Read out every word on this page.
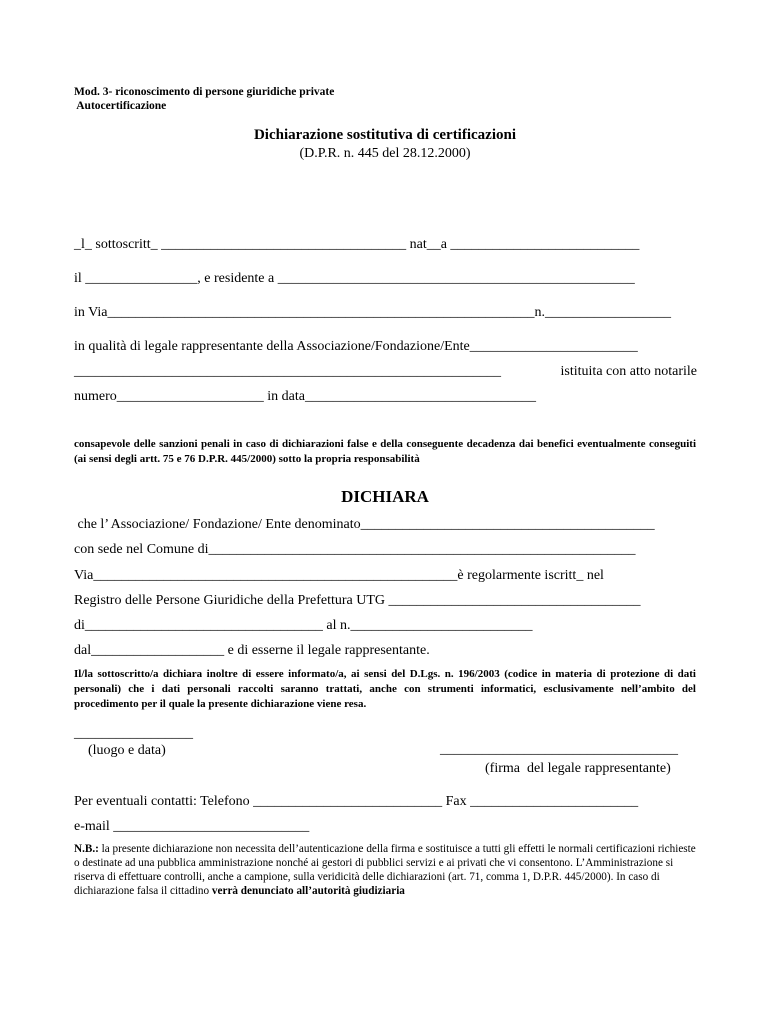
Mod. 3- riconoscimento di persone giuridiche private
Autocertificazione
Dichiarazione sostitutiva di certificazioni
(D.P.R. n. 445 del 28.12.2000)
_l_ sottoscritt_ ___________________________________ nat__a ___________________________
il ________________, e residente a ___________________________________________________
in Via_____________________________________________________________n.__________________
in qualità di legale rappresentante della Associazione/Fondazione/Ente________________________
_____________________________________________________________	istituita con atto notarile
numero_____________________ in data_________________________________
consapevole delle sanzioni penali in caso di dichiarazioni false e della conseguente decadenza dai benefici eventualmente conseguiti (ai sensi degli artt. 75 e 76 D.P.R. 445/2000) sotto la propria responsabilità
DICHIARA
che l’ Associazione/ Fondazione/ Ente denominato__________________________________________
con sede nel Comune di_____________________________________________________________
Via____________________________________________________è regolarmente iscritt_ nel
Registro delle Persone Giuridiche della Prefettura UTG ____________________________________
di__________________________________ al n.__________________________
dal___________________ e di esserne il legale rappresentante.
Il/la sottoscritto/a dichiara inoltre di essere informato/a, ai sensi del D.Lgs. n. 196/2003 (codice in materia di protezione di dati personali) che i dati personali raccolti saranno trattati, anche con strumenti informatici, esclusivamente nell’ambito del procedimento per il quale la presente dichiarazione viene resa.
_________________
(luogo e data)	__________________________________
(firma  del legale rappresentante)
Per eventuali contatti: Telefono ___________________________ Fax ________________________
e-mail ____________________________
N.B.: la presente dichiarazione non necessita dell’autenticazione della firma e sostituisce a tutti gli effetti le normali certificazioni richieste o destinate ad una pubblica amministrazione nonché ai gestori di pubblici servizi e ai privati che vi consentono. L’Amministrazione si riserva di effettuare controlli, anche a campione, sulla veridicità delle dichiarazioni (art. 71, comma 1, D.P.R. 445/2000). In caso di dichiarazione falsa il cittadino verrà denunciato all’autorità giudiziaria
